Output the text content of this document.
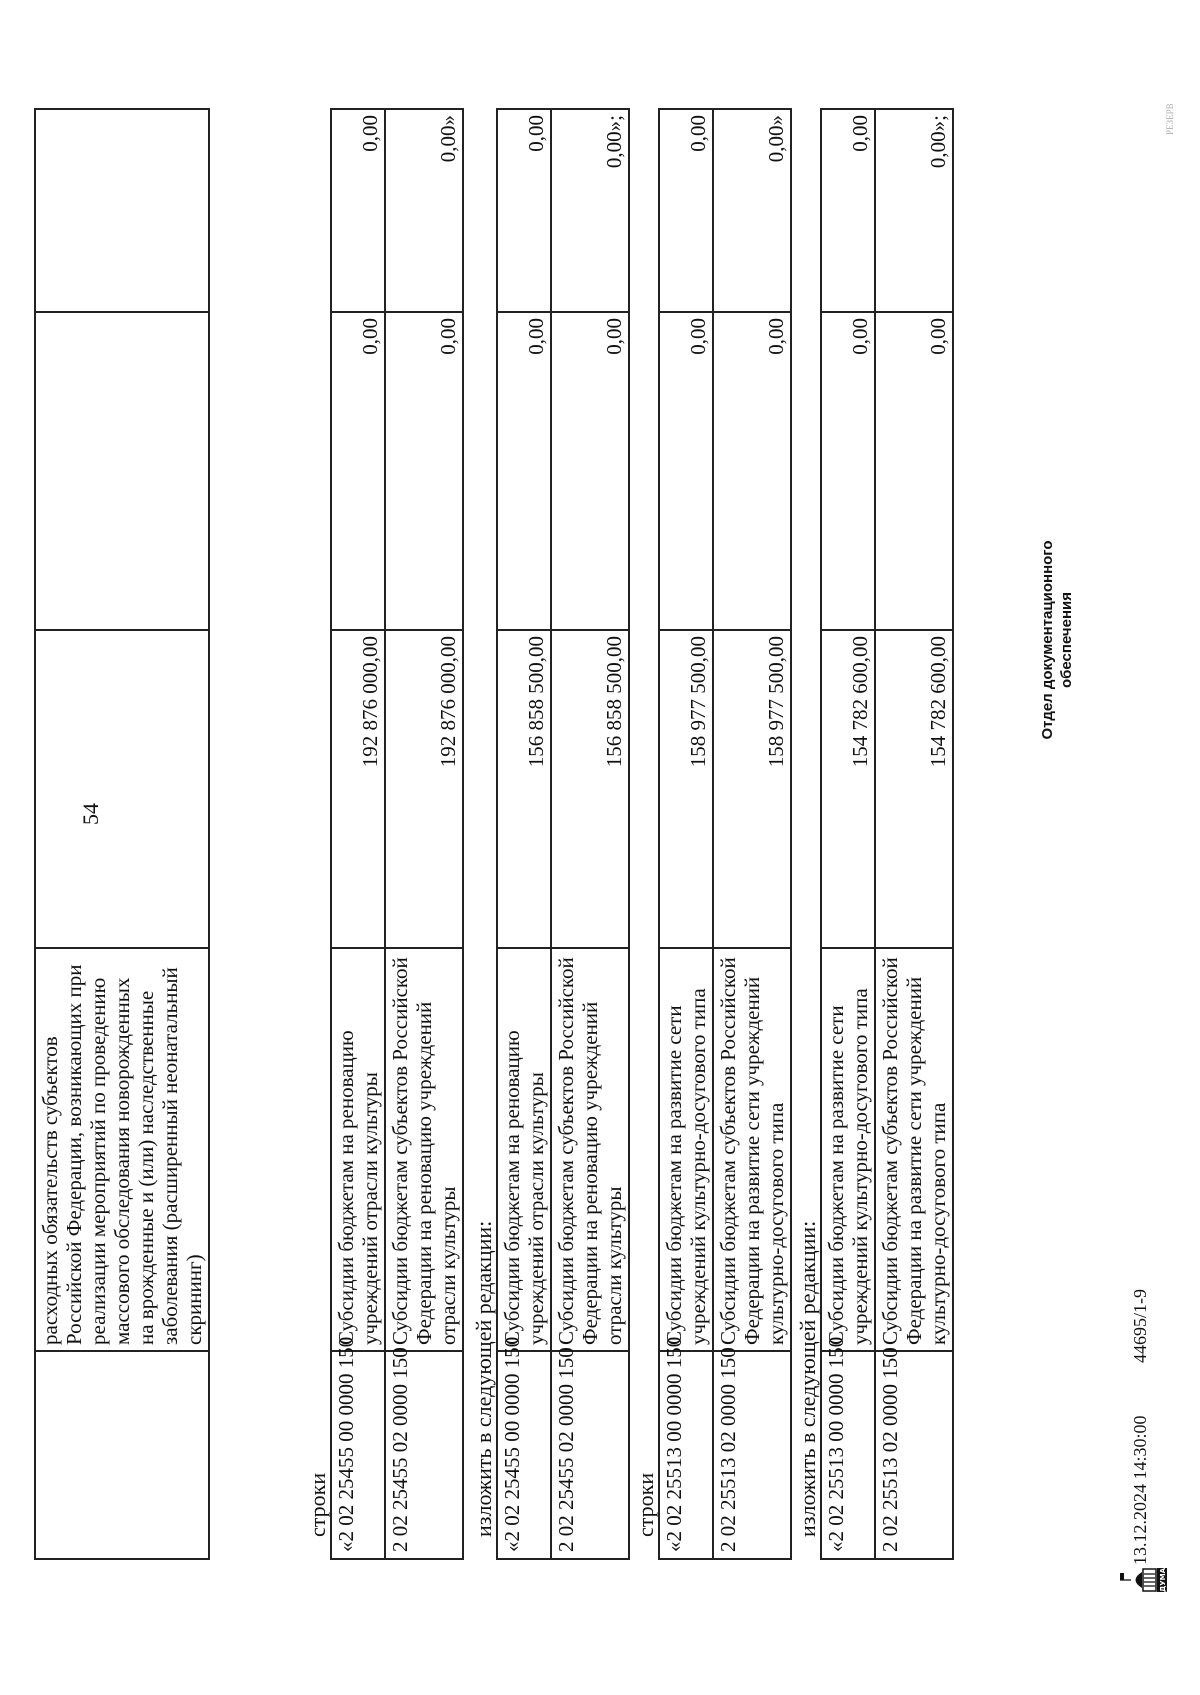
54
	расходных обязательств субъектов Российской Федерации, возникающих при реализации мероприятий по проведению массового обследования новорожденных на врожденные и (или) наследственные заболевания (расширенный неонатальный скрининг)			
строки «2 02 25455 00 0000 150	Субсидии бюджетам на реновацию учреждений отрасли культуры	192 876 000,00	0,00	0,00
2 02 25455 02 0000 150	Субсидии бюджетам субъектов Российской Федерации на реновацию учреждений отрасли культуры	192 876 000,00	0,00	0,00»
изложить в следующей редакции: «2 02 25455 00 0000 150	Субсидии бюджетам на реновацию учреждений отрасли культуры	156 858 500,00	0,00	0,00
2 02 25455 02 0000 150	Субсидии бюджетам субъектов Российской Федерации на реновацию учреждений отрасли культуры	156 858 500,00	0,00	0,00»;
строки «2 02 25513 00 0000 150	Субсидии бюджетам на развитие сети учреждений культурно-досугового типа	158 977 500,00	0,00	0,00
2 02 25513 02 0000 150	Субсидии бюджетам субъектов Российской Федерации на развитие сети учреждений культурно-досугового типа	158 977 500,00	0,00	0,00»
изложить в следующей редакции: «2 02 25513 00 0000 150	Субсидии бюджетам на развитие сети учреждений культурно-досугового типа	154 782 600,00	0,00	0,00
2 02 25513 02 0000 150	Субсидии бюджетам субъектов Российской Федерации на развитие сети учреждений культурно-досугового типа	154 782 600,00	0,00	0,00»;
ДУМА
13.12.2024 14:30:00 44695/1-9
Отдел документационного обеспечения
РЕЗЕРВ
